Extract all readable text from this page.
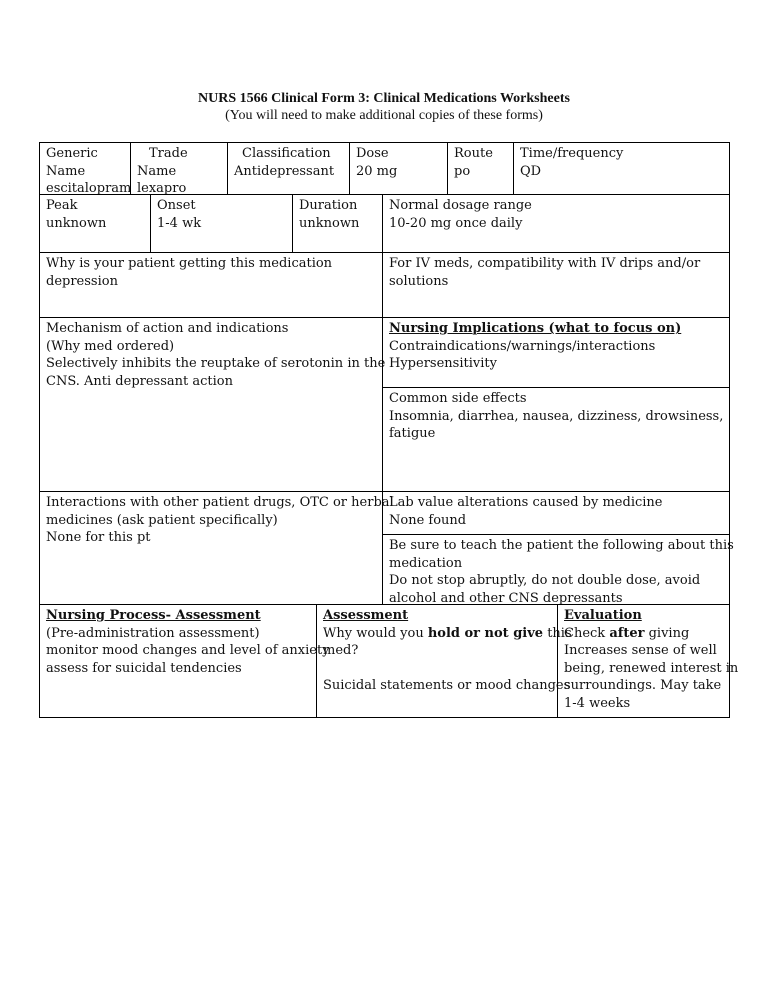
NURS 1566 Clinical Form 3: Clinical Medications Worksheets
(You will need to make additional copies of these forms)
Generic
Name
escitalopram
Trade
Name
lexapro
Classification
Antidepressant
Dose
20 mg
Route
po
Time/frequency
QD
Peak
unknown
Onset
1-4 wk
Duration
unknown
Normal dosage range
10-20 mg once daily
Why is your patient getting this medication
depression
For IV meds, compatibility with IV drips and/or
solutions
Mechanism of action and indications
(Why med ordered)
Selectively inhibits the reuptake of serotonin in the
CNS. Anti depressant action
Nursing Implications (what to focus on)
Contraindications/warnings/interactions
Hypersensitivity
Common side effects
Insomnia, diarrhea, nausea, dizziness, drowsiness,
fatigue
Interactions with other patient drugs, OTC or herbal
medicines (ask patient specifically)
None for this pt
Lab value alterations caused by medicine
None found
Be sure to teach the patient the following about this
medication
Do not stop abruptly, do not double dose, avoid
alcohol and other CNS depressants
Nursing Process- Assessment
(Pre-administration assessment)
monitor mood changes and level of anxiety
assess for suicidal tendencies
Assessment
Why would you hold or not give this
med?

Suicidal statements or mood changes
Evaluation
Check after giving
Increases sense of well
being, renewed interest in
surroundings. May take
1-4 weeks
